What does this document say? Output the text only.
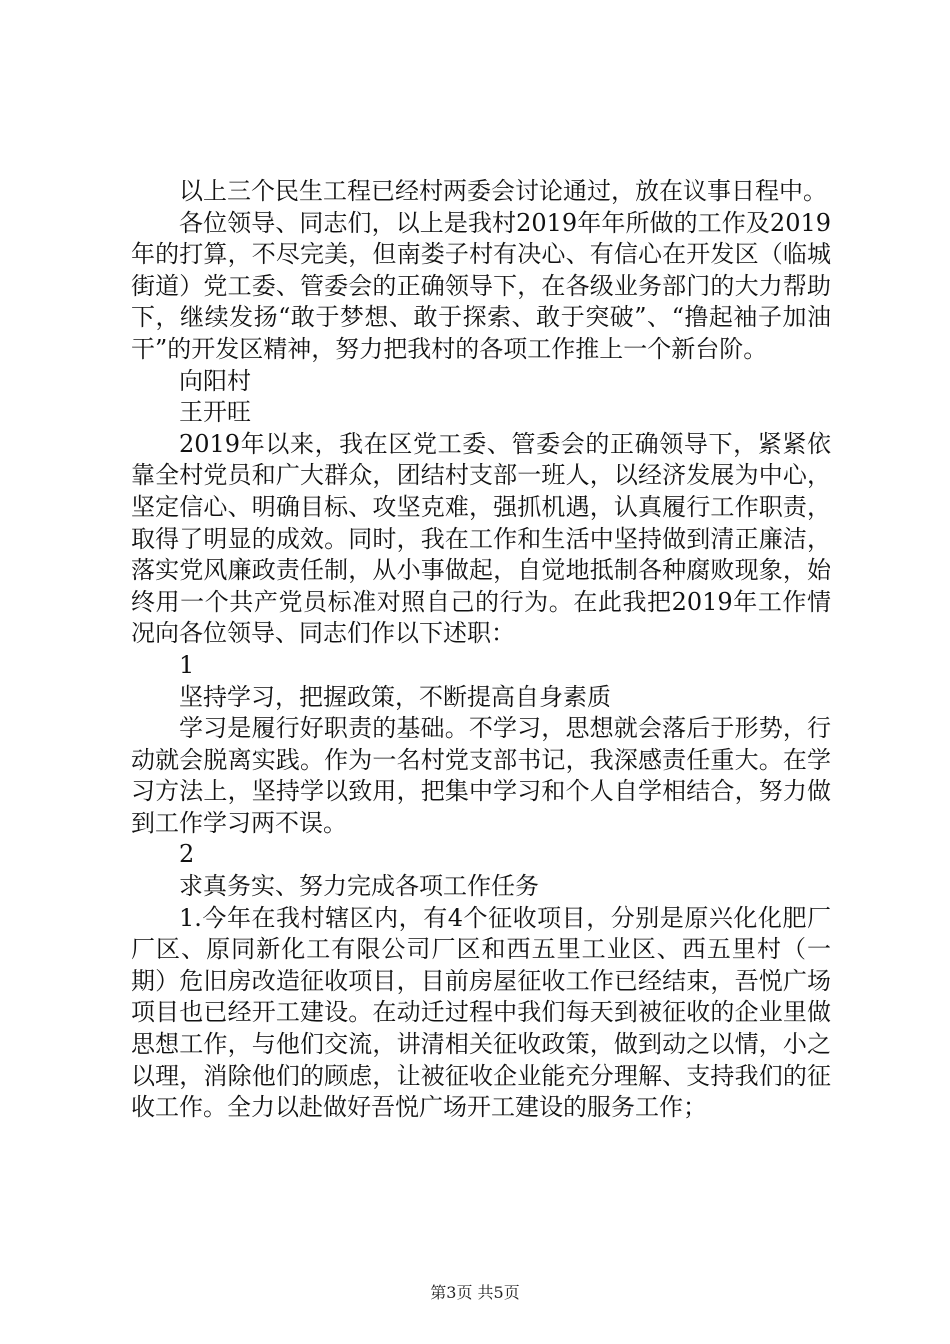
以上三个民生工程已经村两委会讨论通过，放在议事日程中。

各位领导、同志们，以上是我村2019年年所做的工作及2019年的打算，不尽完美，但南娄子村有决心、有信心在开发区（临城街道）党工委、管委会的正确领导下，在各级业务部门的大力帮助下，继续发扬“敢于梦想、敢于探索、敢于突破”、“撸起袖子加油干”的开发区精神，努力把我村的各项工作推上一个新台阶。

向阳村

王开旺

2019年以来，我在区党工委、管委会的正确领导下，紧紧依靠全村党员和广大群众，团结村支部一班人，以经济发展为中心，坚定信心、明确目标、攻坚克难，强抓机遇，认真履行工作职责，取得了明显的成效。同时，我在工作和生活中坚持做到清正廉洁，落实党风廉政责任制，从小事做起，自觉地抵制各种腐败现象，始终用一个共产党员标准对照自己的行为。在此我把2019年工作情况向各位领导、同志们作以下述职：

1

坚持学习，把握政策，不断提高自身素质

学习是履行好职责的基础。不学习，思想就会落后于形势，行动就会脱离实践。作为一名村党支部书记，我深感责任重大。在学习方法上，坚持学以致用，把集中学习和个人自学相结合，努力做到工作学习两不误。

2

求真务实、努力完成各项工作任务

1.今年在我村辖区内，有4个征收项目，分别是原兴化化肥厂厂区、原同新化工有限公司厂区和西五里工业区、西五里村（一期）危旧房改造征收项目，目前房屋征收工作已经结束，吾悦广场项目也已经开工建设。在动迁过程中我们每天到被征收的企业里做思想工作，与他们交流，讲清相关征收政策，做到动之以情，小之以理，消除他们的顾虑，让被征收企业能充分理解、支持我们的征收工作。全力以赴做好吾悦广场开工建设的服务工作；

第3页 共5页
